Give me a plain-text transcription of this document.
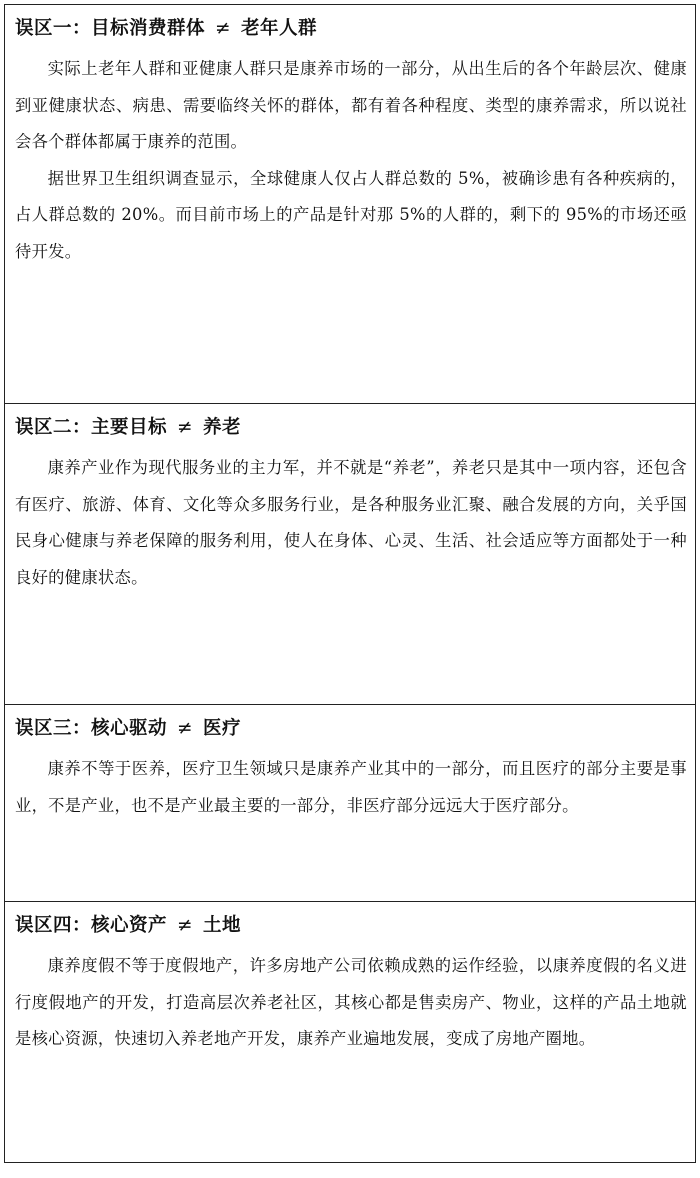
误区一：目标消费群体 ≠ 老年人群

实际上老年人群和亚健康人群只是康养市场的一部分，从出生后的各个年龄层次、健康到亚健康状态、病患、需要临终关怀的群体，都有着各种程度、类型的康养需求，所以说社会各个群体都属于康养的范围。

据世界卫生组织调查显示，全球健康人仅占人群总数的 5%，被确诊患有各种疾病的，占人群总数的 20%。而目前市场上的产品是针对那 5%的人群的，剩下的 95%的市场还亟待开发。

误区二：主要目标 ≠ 养老

康养产业作为现代服务业的主力军，并不就是“养老”，养老只是其中一项内容，还包含有医疗、旅游、体育、文化等众多服务行业，是各种服务业汇聚、融合发展的方向，关乎国民身心健康与养老保障的服务利用，使人在身体、心灵、生活、社会适应等方面都处于一种良好的健康状态。

误区三：核心驱动 ≠ 医疗

康养不等于医养，医疗卫生领域只是康养产业其中的一部分，而且医疗的部分主要是事业，不是产业，也不是产业最主要的一部分，非医疗部分远远大于医疗部分。

误区四：核心资产 ≠ 土地

康养度假不等于度假地产，许多房地产公司依赖成熟的运作经验，以康养度假的名义进行度假地产的开发，打造高层次养老社区，其核心都是售卖房产、物业，这样的产品土地就是核心资源，快速切入养老地产开发，康养产业遍地发展，变成了房地产圈地。
